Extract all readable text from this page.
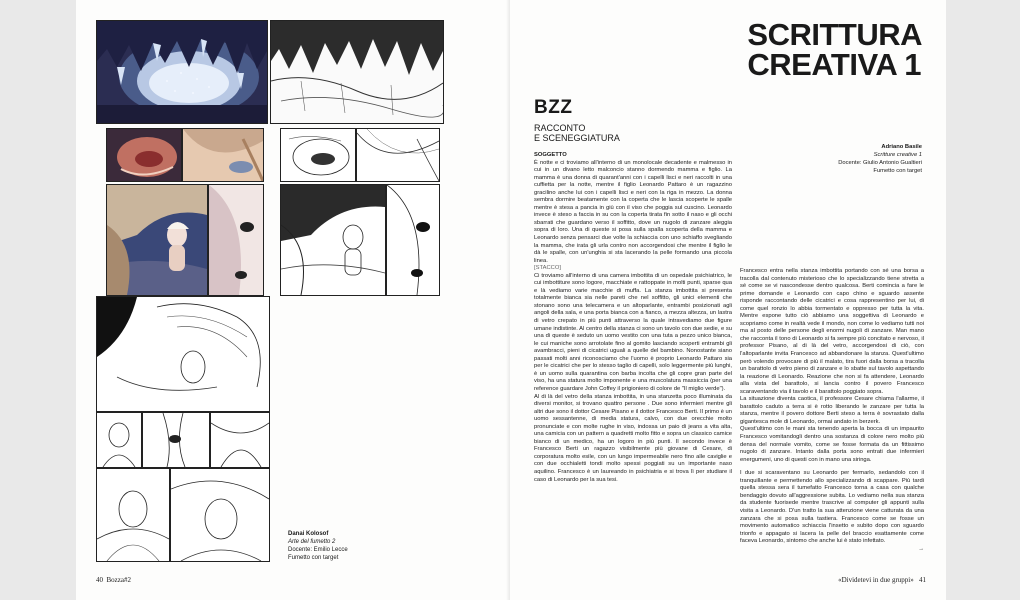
Danai Kolosof
Arte del fumetto 2
Docente: Emilio Lecce
Fumetto con target
40 Bozza#2
SCRITTURA
CREATIVA 1
BZZ
RACCONTO
E SCENEGGIATURA
Adriano Basile
Scritture creative 1
Docente: Giulio Antonio Gualtieri
Fumetto con target

SOGGETTO

È notte e ci troviamo all'interno di un monolocale decadente e malmesso in cui in un divano letto malconcio stanno dormendo mamma e figlio. La mamma è una donna di quarant'anni con i capelli lisci e neri raccolti in una cuffietta per la notte, mentre il figlio Leonardo Pattaro è un ragazzino gracilino anche lui con i capelli lisci e neri con la riga in mezzo. La donna sembra dormire beatamente con la coperta che le lascia scoperte le spalle mentre è stesa a pancia in giù con il viso che poggia sul cuscino. Leonardo invece è steso a faccia in su con la coperta tirata fin sotto il naso e gli occhi sbarrati che guardano verso il soffitto, dove un nugolo di zanzare aleggia sopra di loro. Una di queste si posa sulla spalla scoperta della mamma e Leonardo senza pensarci due volte la schiaccia con uno schiaffo svegliando la mamma, che irata gli urla contro non accorgendosi che mentre il figlio le dà le spalle, con un'unghia si sta lacerando la pelle formando una piccola linea.

[STACCO]

Ci troviamo all'interno di una camera imbottita di un ospedale psichiatrico, le cui imbottiture sono logore, macchiate e rattoppate in molti punti, sparse qua e là vediamo varie macchie di muffa. La stanza imbottita si presenta totalmente bianca sia nelle pareti che nel soffitto, gli unici elementi che stonano sono una telecamera e un altoparlante, entrambi posizionati agli angoli della sala, e una porta bianca con a fianco, a mezza altezza, un lastra di vetro crepato in più punti attraverso la quale intravediamo due figure umane indistinte. Al centro della stanza ci sono un tavolo con due sedie, e su una di queste è seduto un uomo vestito con una tuta a pezzo unico bianca, le cui maniche sono arrotolate fino al gomito lasciando scoperti entrambi gli avambracci, pieni di cicatrici uguali a quelle del bambino. Nonostante siano passati molti anni riconosciamo che l'uomo è proprio Leonardo Pattaro sia per le cicatrici che per lo stesso taglio di capelli, solo leggermente più lunghi, è un uomo sulla quarantina con barba incolta che gli copre gran parte del viso, ha una statura molto imponente e una muscolatura massiccia (per una reference guardare John Coffey il prigioniero di colore de "Il miglio verde").

Al di là del vetro della stanza imbottita, in una stanzetta poco illuminata da diversi monitor, si trovano quattro persone . Due sono infermieri mentre gli altri due sono il dottor Cesare Pisano e il dottor Francesco Berti. Il primo è un uomo sessantenne, di media statura, calvo, con due orecchie molto pronunciate e con molte rughe in viso, indossa un paio di jeans a vita alta, una camicia con un pattern a quadretti molto fitto e sopra un classico camice bianco di un medico, ha un logoro in più punti. Il secondo invece è Francesco Berti un ragazzo visibilmente più giovane di Cesare, di corporatura molto esile, con un lungo impermeabile nero fino alle caviglie e con due occhialetti tondi molto spessi poggiati su un importante naso aquilino. Francesco è un laureando in psichiatria e si trova lì per studiare il caso di Leonardo per la sua tesi.

Francesco entra nella stanza imbottita portando con sé una borsa a tracolla dal contenuto misterioso che lo specializzando tiene stretta a sé come se vi nascondesse dentro qualcosa. Berti comincia a fare le prime domande e Leonardo con capo chino e sguardo assente risponde raccontando delle cicatrici e cosa rappresentino per lui, di come quel ronzio lo abbia tormentato e oppresso per tutta la vita. Mentre espone tutto ciò abbiamo una soggettiva di Leonardo e scopriamo come in realtà vede il mondo, non come lo vediamo tutti noi ma al posto delle persone degli enormi nugoli di zanzare. Man mano che racconta il tono di Leonardo si fa sempre più concitato e nervoso, il professor Pisano, al di là del vetro, accorgendosi di ciò, con l'altoparlante invita Francesco ad abbandonare la stanza. Quest'ultimo però volendo provocare di più il malato, tira fuori dalla borsa a tracolla un barattolo di vetro pieno di zanzare e lo sbatte sul tavolo aspettando la reazione di Leonardo. Reazione che non si fa attendere, Leonardo alla vista del barattolo, si lancia contro il povero Francesco scaraventando via il tavolo e il barattolo poggiato sopra.

La situazione diventa caotica, il professore Cesare chiama l'allarme, il barattolo caduto a terra si è rotto liberando le zanzare per tutta la stanza, mentre il povero dottore Berti steso a terra è sovrastato dalla gigantesca mole di Leonardo, ormai andato in berzerk.

Quest'ultimo con le mani sta tenendo aperta la bocca di un impaurito Francesco vomitandogli dentro una sostanza di colore nero molto più densa del normale vomito, come se fosse formata da un fittissimo nugolo di zanzare. Intanto dalla porta sono entrati due infermieri energumeni, uno di questi con in mano una siringa.

I due si scaraventano su Leonardo per fermarlo, sedandolo con il tranquillante e permettendo allo specializzando di scappare. Più tardi quella stessa sera il tumefatto Francesco torna a casa con qualche bendaggio dovuto all'aggressione subita. Lo vediamo nella sua stanza da studente fuorisede mentre trascrive al computer gli appunti sulla visita a Leonardo. D'un tratto la sua attenzione viene catturata da una zanzara che si posa sulla tastiera. Francesco come se fosse un movimento automatico schiaccia l'insetto e subito dopo con sguardo trionfo e appagato si lacera la pelle del braccio esattamente come faceva Leonardo, sintomo che anche lui è stato infettato.

→

«Dividetevi in due gruppi» 41
